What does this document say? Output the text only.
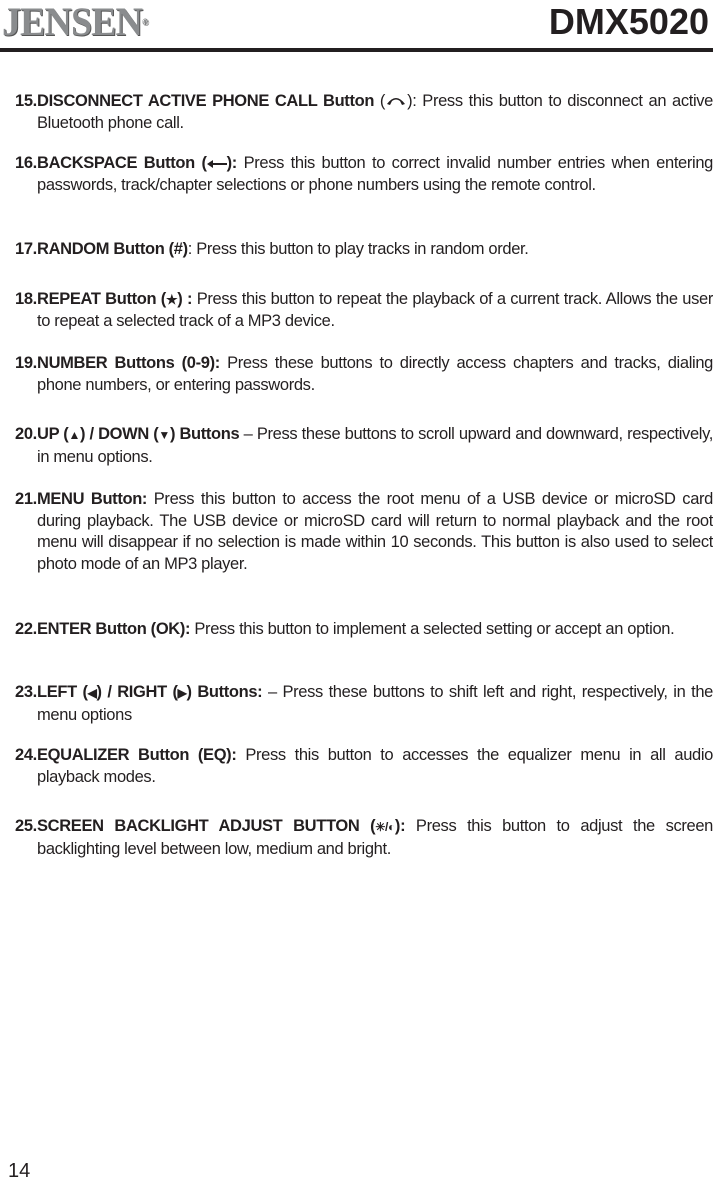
JENSEN®	DMX5020
15. DISCONNECT ACTIVE PHONE CALL Button ( ): Press this button to disconnect an active Bluetooth phone call.
16. BACKSPACE Button ( ): Press this button to correct invalid number entries when entering passwords, track/chapter selections or phone numbers using the remote control.
17. RANDOM Button (#): Press this button to play tracks in random order.
18. REPEAT Button (★) : Press this button to repeat the playback of a current track. Allows the user to repeat a selected track of a MP3 device.
19. NUMBER Buttons (0-9): Press these buttons to directly access chapters and tracks, dialing phone numbers, or entering passwords.
20. UP (▲) / DOWN (▼) Buttons – Press these buttons to scroll upward and downward, respectively, in menu options.
21. MENU Button: Press this button to access the root menu of a USB device or microSD card during playback. The USB device or microSD card will return to normal playback and the root menu will disappear if no selection is made within 10 seconds. This button is also used to select photo mode of an MP3 player.
22. ENTER Button (OK): Press this button to implement a selected setting or accept an option.
23. LEFT (◀) / RIGHT (▶) Buttons: – Press these buttons to shift left and right, respectively, in the menu options
24. EQUALIZER Button (EQ): Press this button to accesses the equalizer menu in all audio playback modes.
25. SCREEN BACKLIGHT ADJUST BUTTON (✳/◐): Press this button to adjust the screen backlighting level between low, medium and bright.
14
